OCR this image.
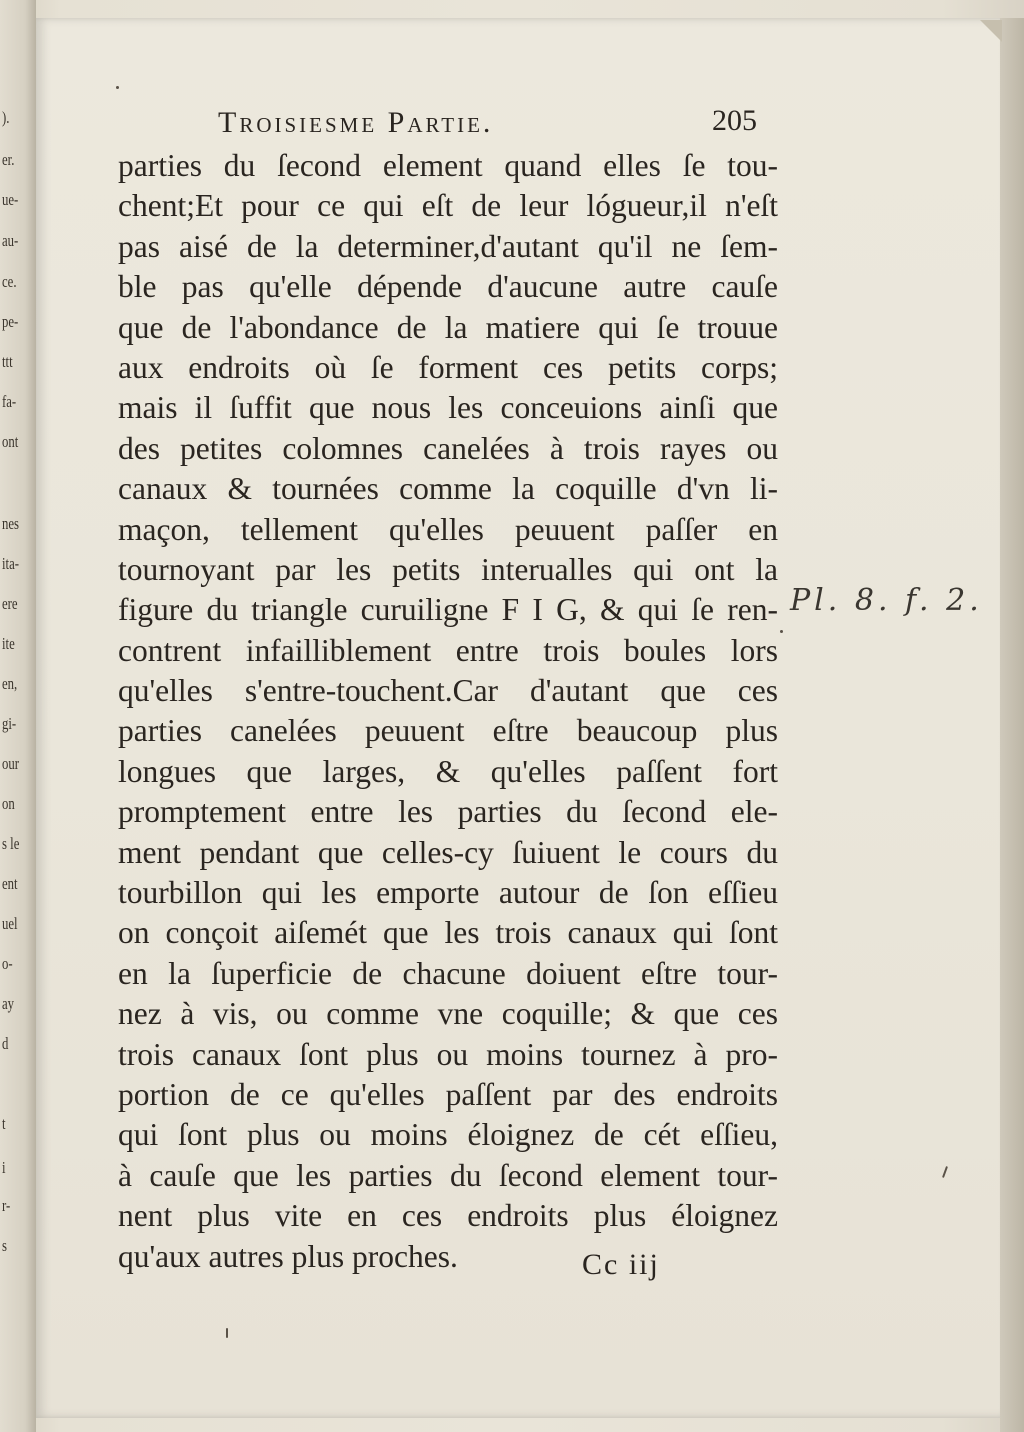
).
er.
ue-
au-
ce.
pe-
ttt
fa-
ont
nes
ita-
ere
ite
en,
gi-
our
on
s le
ent
uel
o-
ay
d
t
i
r-
s
Troisiesme Partie.	205
parties du ſecond element quand elles ſe tou-
chent;Et pour ce qui eſt de leur lógueur,il n'eſt
pas aisé de la determiner,d'autant qu'il ne ſem-
ble pas qu'elle dépende d'aucune autre cauſe
que de l'abondance de la matiere qui ſe trouue
aux endroits où ſe forment ces petits corps;
mais il ſuffit que nous les conceuions ainſi que
des petites colomnes canelées à trois rayes ou
canaux & tournées comme la coquille d'vn li-
maçon, tellement qu'elles peuuent paſſer en
tournoyant par les petits interualles qui ont la
figure du triangle curuiligne F I G, & qui ſe ren-
contrent infailliblement entre trois boules lors
qu'elles s'entre-touchent.Car d'autant que ces
parties canelées peuuent eſtre beaucoup plus
longues que larges, & qu'elles paſſent fort
promptement entre les parties du ſecond ele-
ment pendant que celles-cy ſuiuent le cours du
tourbillon qui les emporte autour de ſon eſſieu
on conçoit aiſemét que les trois canaux qui ſont
en la ſuperficie de chacune doiuent eſtre tour-
nez à vis, ou comme vne coquille; & que ces
trois canaux ſont plus ou moins tournez à pro-
portion de ce qu'elles paſſent par des endroits
qui ſont plus ou moins éloignez de cét eſſieu,
à cauſe que les parties du ſecond element tour-
nent plus vite en ces endroits plus éloignez
qu'aux autres plus proches.
Pl. 8. f. 2.
Cc iij
